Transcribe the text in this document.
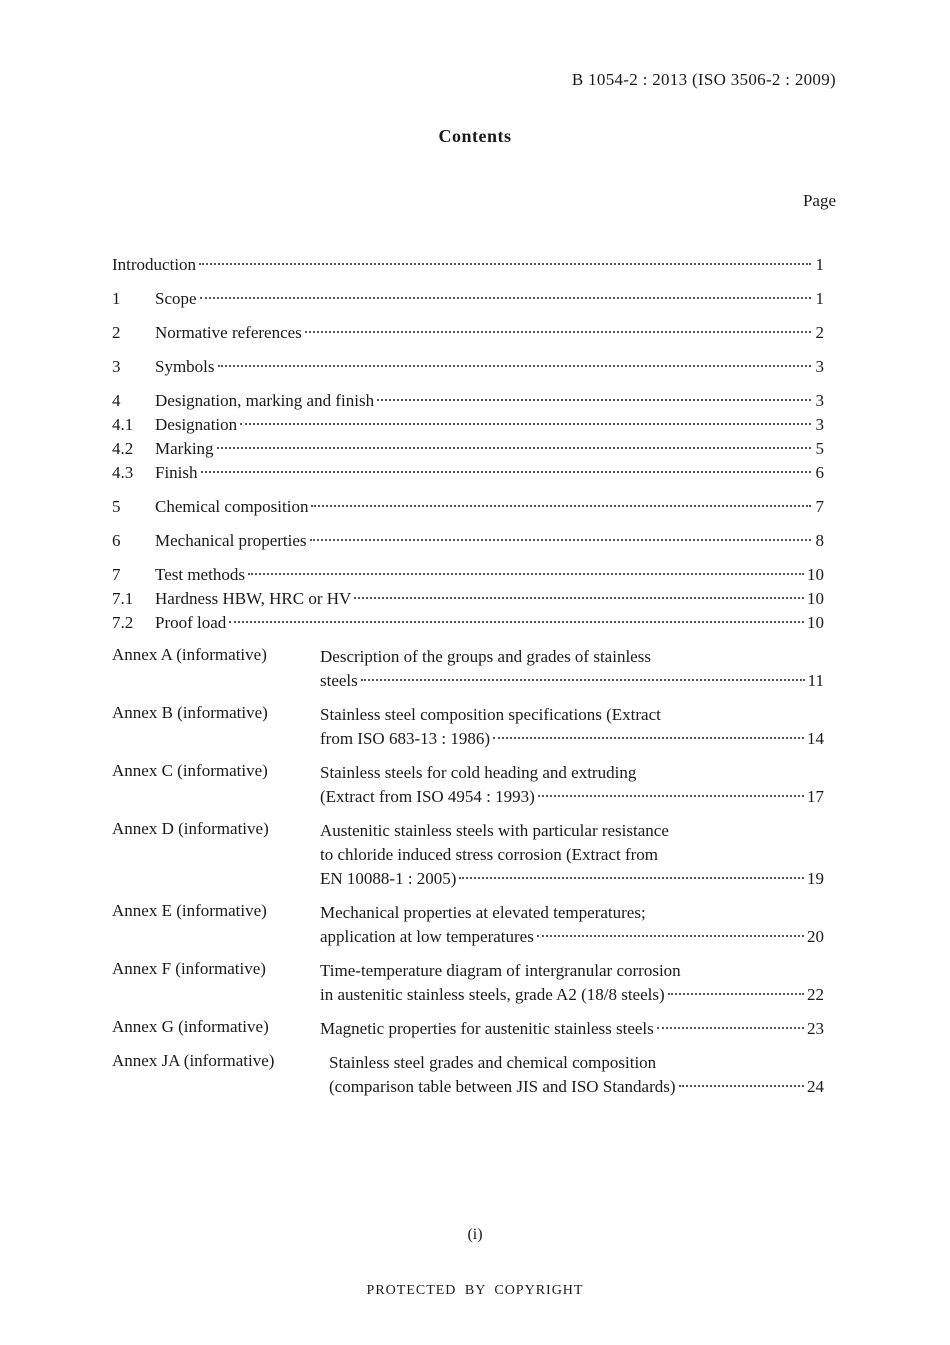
B 1054-2 : 2013 (ISO 3506-2 : 2009)
Contents
Page
Introduction	1
1	Scope	1
2	Normative references	2
3	Symbols	3
4	Designation, marking and finish	3
4.1	Designation	3
4.2	Marking	5
4.3	Finish	6
5	Chemical composition	7
6	Mechanical properties	8
7	Test methods	10
7.1	Hardness HBW, HRC or HV	10
7.2	Proof load	10
Annex A (informative)	Description of the groups and grades of stainless
steels	11
Annex B (informative)	Stainless steel composition specifications (Extract
from ISO 683-13 : 1986)	14
Annex C (informative)	Stainless steels for cold heading and extruding
(Extract from ISO 4954 : 1993)	17
Annex D (informative)	Austenitic stainless steels with particular resistance
to chloride induced stress corrosion (Extract from
EN 10088-1 : 2005)	19
Annex E (informative)	Mechanical properties at elevated temperatures;
application at low temperatures	20
Annex F (informative)	Time-temperature diagram of intergranular corrosion
in austenitic stainless steels, grade A2 (18/8 steels)	22
Annex G (informative)	Magnetic properties for austenitic stainless steels	23
Annex JA (informative)	Stainless steel grades and chemical composition
(comparison table between JIS and ISO Standards)	24
(i)
PROTECTED BY COPYRIGHT
